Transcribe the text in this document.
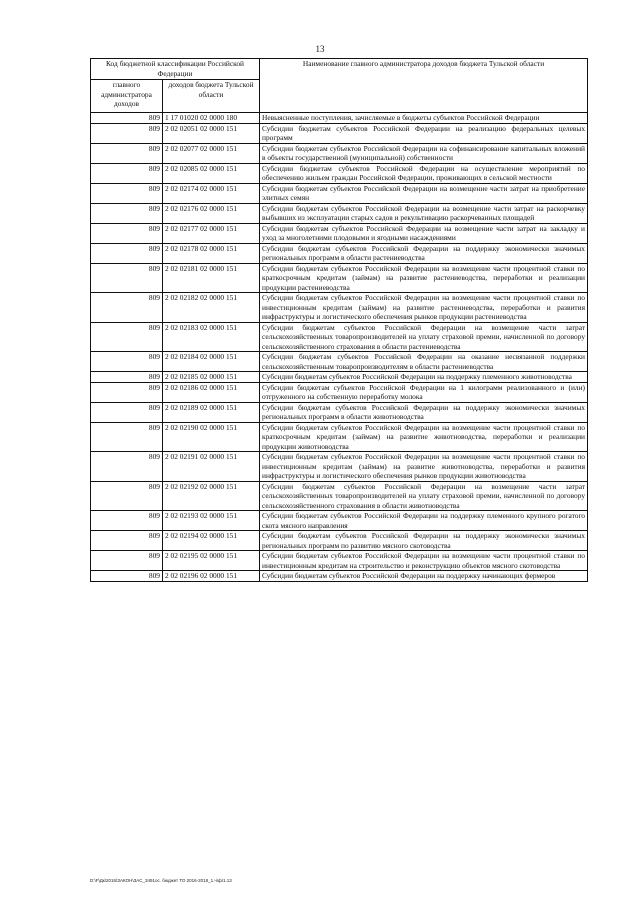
13
Код бюджетной классификации Российской Федерации		Наименование главного администратора доходов бюджета Тульской области
главного администратора доходов	доходов бюджета Тульской области	
809	1 17 01020 02 0000 180	Невыясненные поступления, зачисляемые в бюджеты субъектов Российской Федерации
809	2 02 02051 02 0000 151	Субсидии бюджетам субъектов Российской Федерации на реализацию федеральных целевых программ
809	2 02 02077 02 0000 151	Субсидии бюджетам субъектов Российской Федерации на софинансирование капитальных вложений в объекты государственной (муниципальной) собственности
809	2 02 02085 02 0000 151	Субсидии бюджетам субъектов Российской Федерации на осуществление мероприятий по обеспечению жильем граждан Российской Федерации, проживающих в сельской местности
809	2 02 02174 02 0000 151	Субсидии бюджетам субъектов Российской Федерации на возмещение части затрат на приобретение элитных семян
809	2 02 02176 02 0000 151	Субсидии бюджетам субъектов Российской Федерации на возмещение части затрат на раскорчевку выбывших из эксплуатации старых садов и рекультивацию раскорчеванных площадей
809	2 02 02177 02 0000 151	Субсидии бюджетам субъектов Российской Федерации на возмещение части затрат на закладку и уход за многолетними плодовыми и ягодными насаждениями
809	2 02 02178 02 0000 151	Субсидии бюджетам субъектов Российской Федерации на поддержку экономически значимых региональных программ в области растениеводства
809	2 02 02181 02 0000 151	Субсидии бюджетам субъектов Российской Федерации на возмещение части процентной ставки по краткосрочным кредитам (займам) на развитие растениеводства, переработки и реализации продукции растениеводства
809	2 02 02182 02 0000 151	Субсидии бюджетам субъектов Российской Федерации на возмещение части процентной ставки по инвестиционным кредитам (займам) на развитие растениеводства, переработки и развития инфраструктуры и логистического обеспечения рынков продукции растениеводства
809	2 02 02183 02 0000 151	Субсидии бюджетам субъектов Российской Федерации на возмещение части затрат сельскохозяйственных товаропроизводителей на уплату страховой премии, начисленной по договору сельскохозяйственного страхования в области растениеводства
809	2 02 02184 02 0000 151	Субсидии бюджетам субъектов Российской Федерации на оказание несвязанной поддержки сельскохозяйственным товаропроизводителям в области растениеводства
809	2 02 02185 02 0000 151	Субсидии бюджетам субъектов Российской Федерации на поддержку племенного животноводства
809	2 02 02186 02 0000 151	Субсидии бюджетам субъектов Российской Федерации на 1 килограмм реализованного и (или) отгруженного на собственную переработку молока
809	2 02 02189 02 0000 151	Субсидии бюджетам субъектов Российской Федерации на поддержку экономически значимых региональных программ в области животноводства
809	2 02 02190 02 0000 151	Субсидии бюджетам субъектов Российской Федерации на возмещение части процентной ставки по краткосрочным кредитам (займам) на развитие животноводства, переработки и реализации продукции животноводства
809	2 02 02191 02 0000 151	Субсидии бюджетам субъектов Российской Федерации на возмещение части процентной ставки по инвестиционным кредитам (займам) на развитие животноводства, переработки и развития инфраструктуры и логистического обеспечения рынков продукции животноводства
809	2 02 02192 02 0000 151	Субсидии бюджетам субъектов Российской Федерации на возмещение части затрат сельскохозяйственных товаропроизводителей на уплату страховой премии, начисленной по договору сельскохозяйственного страхования в области животноводства
809	2 02 02193 02 0000 151	Субсидии бюджетам субъектов Российской Федерации на поддержку племенного крупного рогатого скота мясного направления
809	2 02 02194 02 0000 151	Субсидии бюджетам субъектов Российской Федерации на поддержку экономически значимых региональных программ по развитию мясного скотоводства
809	2 02 02195 02 0000 151	Субсидии бюджетам субъектов Российской Федерации на возмещение части процентной ставки по инвестиционным кредитам на строительство и реконструкцию объектов мясного скотоводства
809	2 02 02196 02 0000 151	Субсидии бюджетам субъектов Российской Федерации на поддержку начинающих фермеров
D:\F\Дк\2016\ЗАКОН\ЗАС_3491ос. бюджет ТО 2016-2018_1.ч\ф\1.13
